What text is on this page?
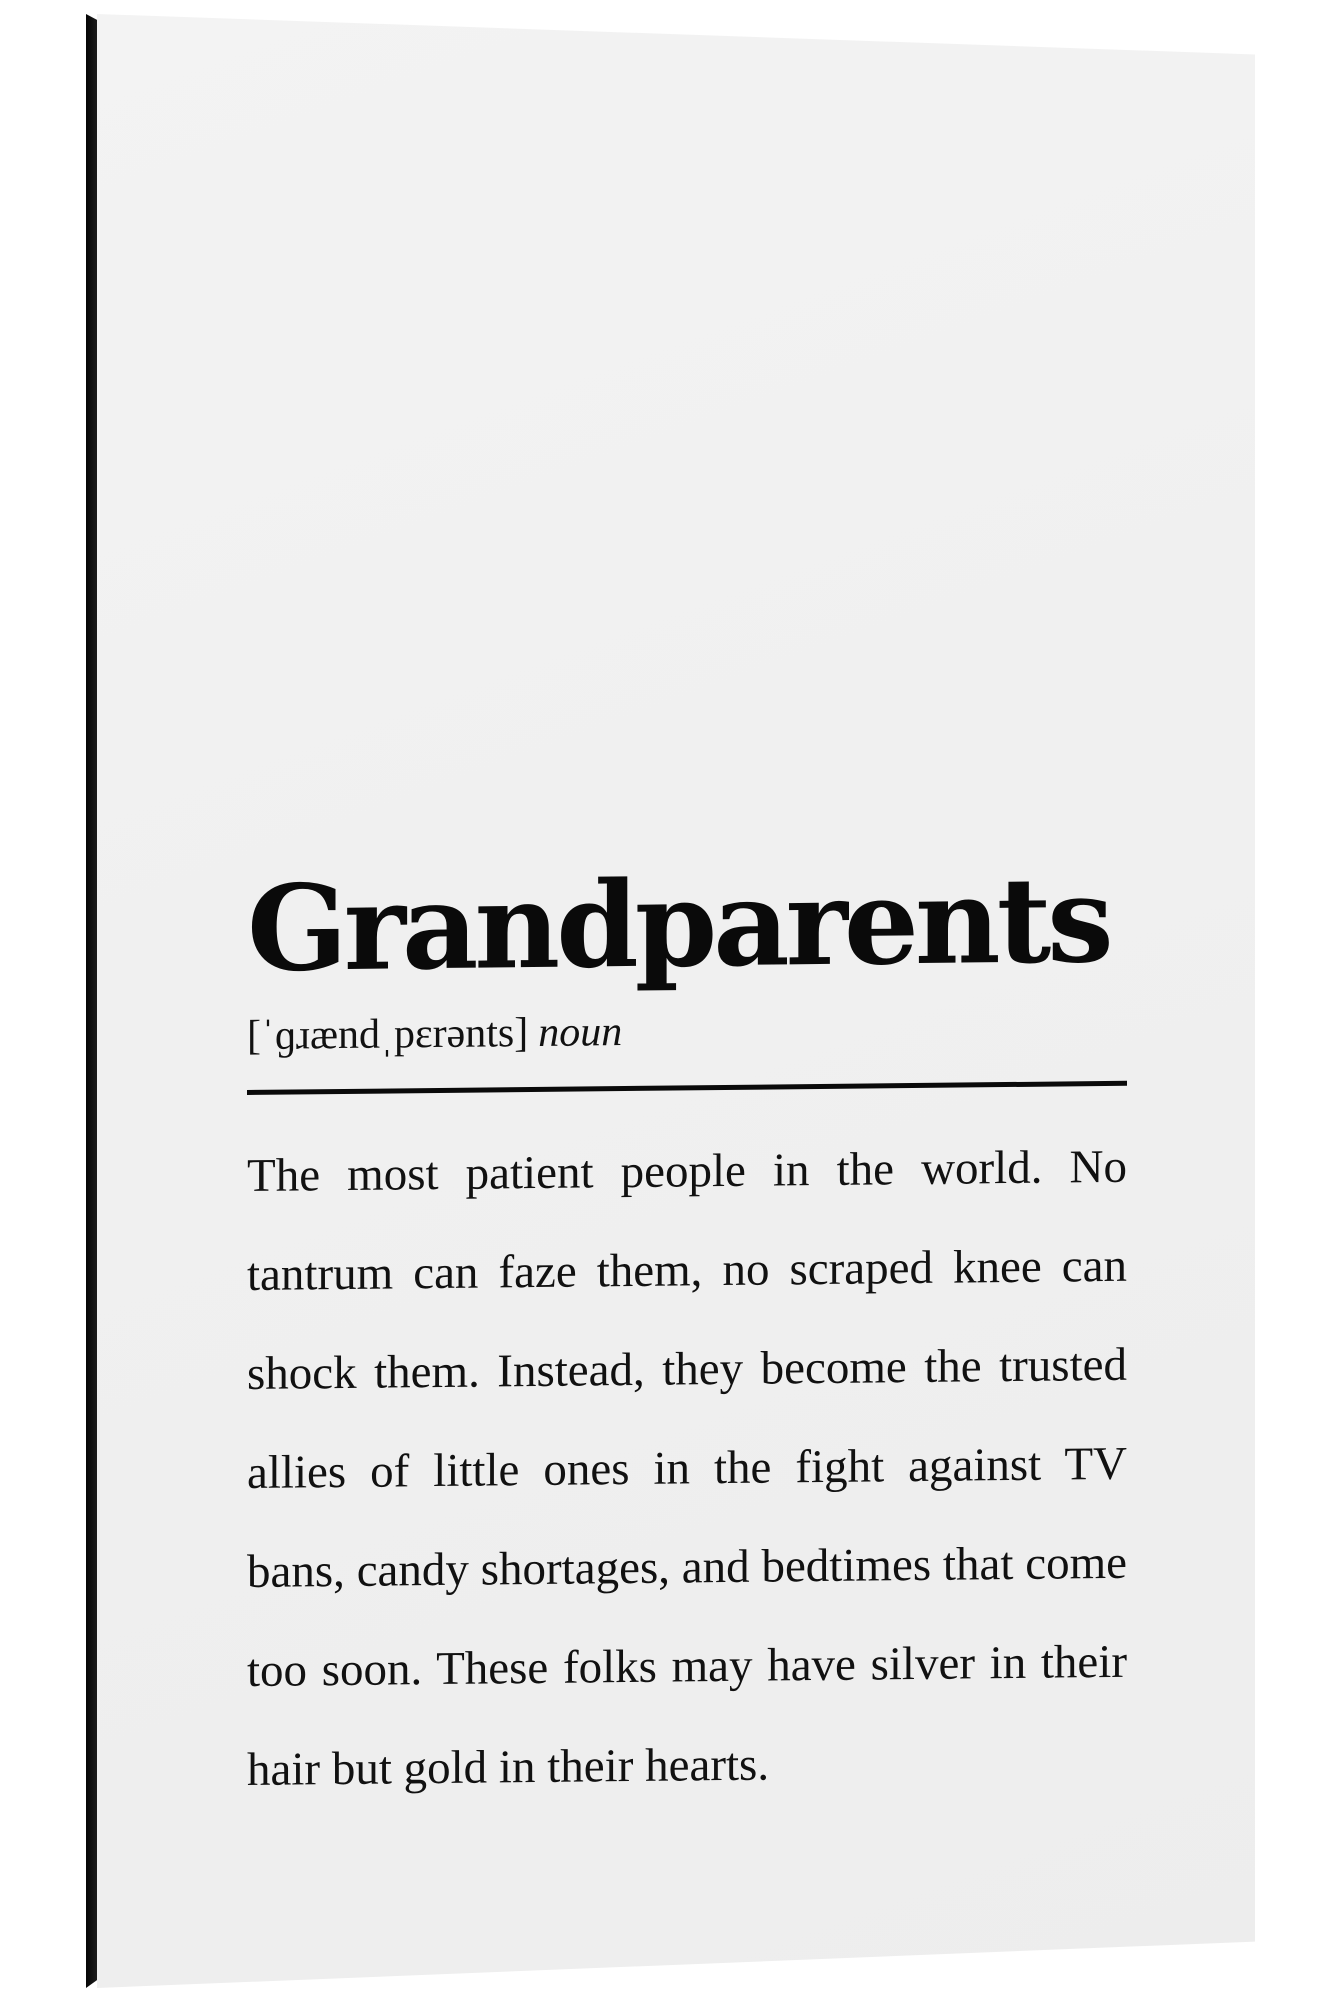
Grandparents
[ˈɡɹændˌpɛrənts] noun

The most patient people in the world. No tantrum can faze them, no scraped knee can shock them. Instead, they become the trusted allies of little ones in the fight against TV bans, candy shortages, and bedtimes that come too soon. These folks may have silver in their hair but gold in their hearts.
